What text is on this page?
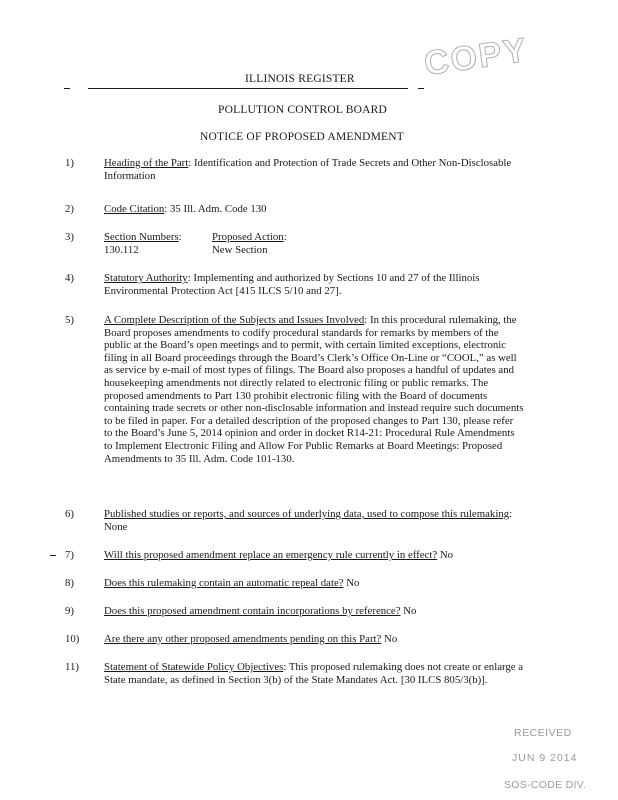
COPY
ILLINOIS REGISTER
POLLUTION CONTROL BOARD
NOTICE OF PROPOSED AMENDMENT
1)	Heading of the Part: Identification and Protection of Trade Secrets and Other Non-Disclosable Information
2)	Code Citation: 35 Ill. Adm. Code 130
3)	Section Numbers:	Proposed Action:
130.112	New Section
4)	Statutory Authority: Implementing and authorized by Sections 10 and 27 of the Illinois Environmental Protection Act [415 ILCS 5/10 and 27].
5)	A Complete Description of the Subjects and Issues Involved: In this procedural rulemaking, the Board proposes amendments to codify procedural standards for remarks by members of the public at the Board’s open meetings and to permit, with certain limited exceptions, electronic filing in all Board proceedings through the Board’s Clerk’s Office On-Line or “COOL,” as well as service by e-mail of most types of filings. The Board also proposes a handful of updates and housekeeping amendments not directly related to electronic filing or public remarks. The proposed amendments to Part 130 prohibit electronic filing with the Board of documents containing trade secrets or other non-disclosable information and instead require such documents to be filed in paper. For a detailed description of the proposed changes to Part 130, please refer to the Board’s June 5, 2014 opinion and order in docket R14-21: Procedural Rule Amendments to Implement Electronic Filing and Allow For Public Remarks at Board Meetings: Proposed Amendments to 35 Ill. Adm. Code 101-130.
6)	Published studies or reports, and sources of underlying data, used to compose this rulemaking: None
7)	Will this proposed amendment replace an emergency rule currently in effect? No
8)	Does this rulemaking contain an automatic repeal date? No
9)	Does this proposed amendment contain incorporations by reference? No
10) Are there any other proposed amendments pending on this Part? No
11) Statement of Statewide Policy Objectives: This proposed rulemaking does not create or enlarge a State mandate, as defined in Section 3(b) of the State Mandates Act. [30 ILCS 805/3(b)].
RECEIVED
JUN 9 2014
SOS-CODE DIV.
